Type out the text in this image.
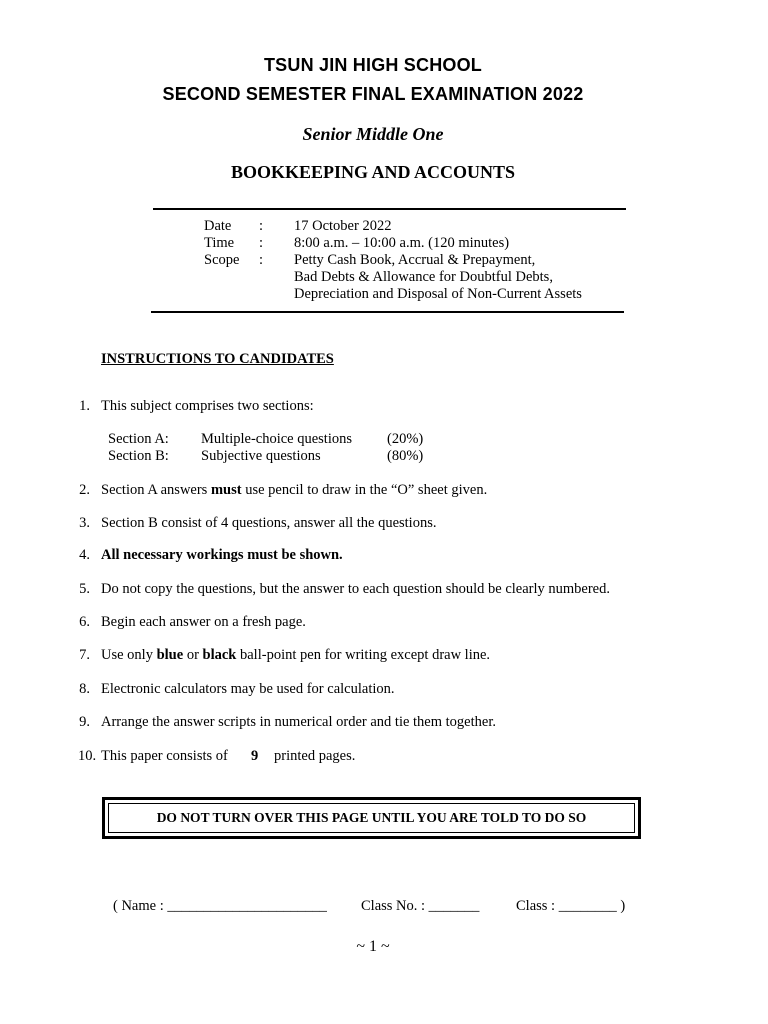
TSUN JIN HIGH SCHOOL
SECOND SEMESTER FINAL EXAMINATION 2022
Senior Middle One
BOOKKEEPING AND ACCOUNTS
Date : 17 October 2022
Time : 8:00 a.m. – 10:00 a.m. (120 minutes)
Scope : Petty Cash Book, Accrual & Prepayment,
Bad Debts & Allowance for Doubtful Debts,
Depreciation and Disposal of Non-Current Assets
INSTRUCTIONS TO CANDIDATES
1. This subject comprises two sections:
Section A: Multiple-choice questions (20%)
Section B: Subjective questions	(80%)
2. Section A answers must use pencil to draw in the “O” sheet given.
3. Section B consist of 4 questions, answer all the questions.
4. All necessary workings must be shown.
5. Do not copy the questions, but the answer to each question should be clearly numbered.
6. Begin each answer on a fresh page.
7. Use only blue or black ball-point pen for writing except draw line.
8. Electronic calculators may be used for calculation.
9. Arrange the answer scripts in numerical order and tie them together.
10. This paper consists of 9 printed pages.
DO NOT TURN OVER THIS PAGE UNTIL YOU ARE TOLD TO DO SO
( Name : ______________________ Class No. : _______	Class : ________ )
~ 1 ~
